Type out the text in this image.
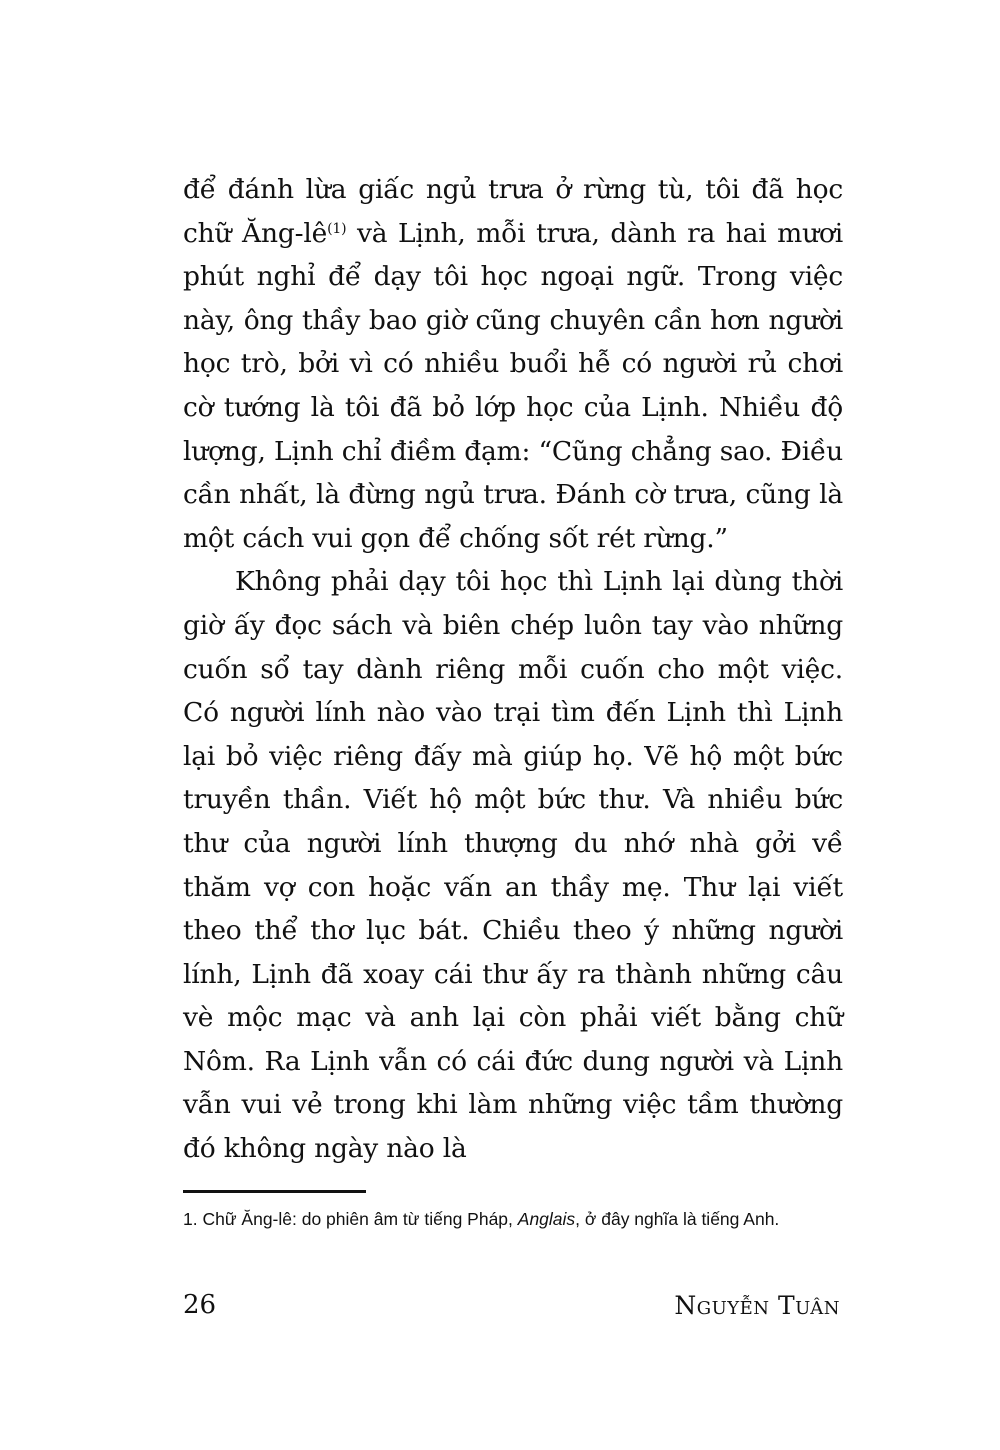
để đánh lừa giấc ngủ trưa ở rừng tù, tôi đã học chữ Ăng-lê$^{(1)}$ và Lịnh, mỗi trưa, dành ra hai mươi phút nghỉ để dạy tôi học ngoại ngữ. Trong việc này, ông thầy bao giờ cũng chuyên cần hơn người học trò, bởi vì có nhiều buổi hễ có người rủ chơi cờ tướng là tôi đã bỏ lớp học của Lịnh. Nhiều độ lượng, Lịnh chỉ điềm đạm: “Cũng chẳng sao. Điều cần nhất, là đừng ngủ trưa. Đánh cờ trưa, cũng là một cách vui gọn để chống sốt rét rừng.”

Không phải dạy tôi học thì Lịnh lại dùng thời giờ ấy đọc sách và biên chép luôn tay vào những cuốn sổ tay dành riêng mỗi cuốn cho một việc. Có người lính nào vào trại tìm đến Lịnh thì Lịnh lại bỏ việc riêng đấy mà giúp họ. Vẽ hộ một bức truyền thần. Viết hộ một bức thư. Và nhiều bức thư của người lính thượng du nhớ nhà gởi về thăm vợ con hoặc vấn an thầy mẹ. Thư lại viết theo thể thơ lục bát. Chiều theo ý những người lính, Lịnh đã xoay cái thư ấy ra thành những câu vè mộc mạc và anh lại còn phải viết bằng chữ Nôm. Ra Lịnh vẫn có cái đức dung người và Lịnh vẫn vui vẻ trong khi làm những việc tầm thường đó không ngày nào là

1. Chữ Ăng-lê: do phiên âm từ tiếng Pháp, Anglais, ở đây nghĩa là tiếng Anh.
26	Nguyễn Tuân
